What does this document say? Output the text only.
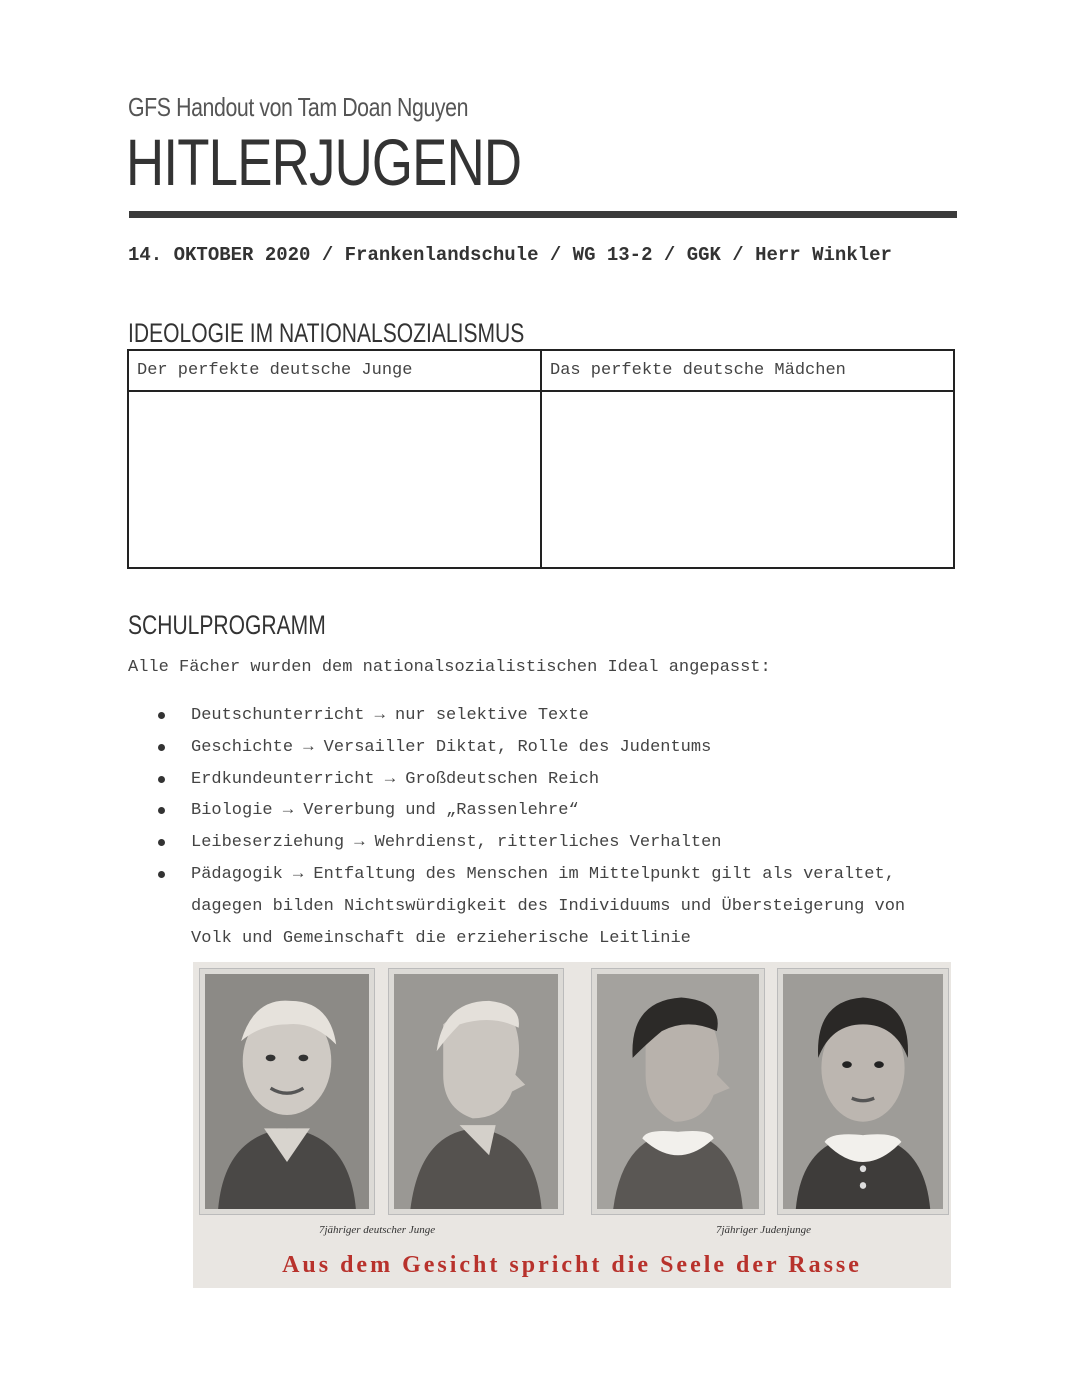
GFS Handout von Tam Doan Nguyen
HITLERJUGEND
14. OKTOBER 2020 / Frankenlandschule / WG 13-2 / GGK / Herr Winkler
IDEOLOGIE IM NATIONALSOZIALISMUS
Der perfekte deutsche Junge	Das perfekte deutsche Mädchen

SCHULPROGRAMM
Alle Fächer wurden dem nationalsozialistischen Ideal angepasst:
Deutschunterricht → nur selektive Texte
Geschichte → Versailler Diktat, Rolle des Judentums
Erdkundeunterricht → Großdeutschen Reich
Biologie → Vererbung und „Rassenlehre“
Leibeserziehung → Wehrdienst, ritterliches Verhalten
Pädagogik → Entfaltung des Menschen im Mittelpunkt gilt als veraltet, dagegen bilden Nichtswürdigkeit des Individuums und Übersteigerung von Volk und Gemeinschaft die erzieherische Leitlinie
7jähriger deutscher Junge	7jähriger Judenjunge
Aus dem Gesicht spricht die Seele der Rasse
